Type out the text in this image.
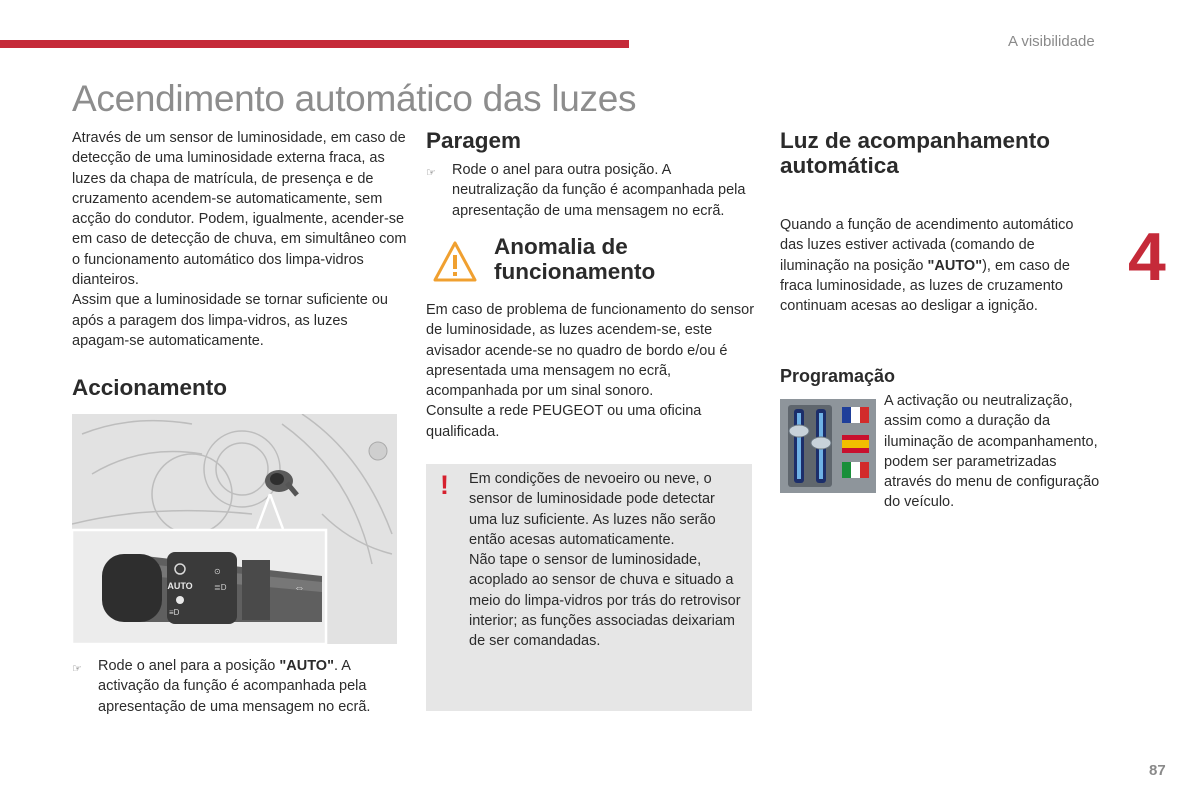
A visibilidade
Acendimento automático das luzes

Através de um sensor de luminosidade, em caso de detecção de uma luminosidade externa fraca, as luzes da chapa de matrícula, de presença e de cruzamento acendem-se automaticamente, sem acção do condutor. Podem, igualmente, acender-se em caso de detecção de chuva, em simultâneo com o funcionamento automático dos limpa-vidros dianteiros.

Assim que a luminosidade se tornar suficiente ou após a paragem dos limpa-vidros, as luzes apagam-se automaticamente.

Accionamento
AUTO
≡D
⊙
≣D	⇔
☞ Rode o anel para a posição "AUTO". A activação da função é acompanhada pela apresentação de uma mensagem no ecrã.
Paragem
☞ Rode o anel para outra posição. A neutralização da função é acompanhada pela apresentação de uma mensagem no ecrã.
Anomalia de
funcionamento
Em caso de problema de funcionamento do sensor de luminosidade, as luzes acendem-se, este avisador acende-se no quadro de bordo e/ou é apresentada uma mensagem no ecrã, acompanhada por um sinal sonoro.
Consulte a rede PEUGEOT ou uma oficina qualificada.
! Em condições de nevoeiro ou neve, o sensor de luminosidade pode detectar uma luz suficiente. As luzes não serão então acesas automaticamente.
Não tape o sensor de luminosidade, acoplado ao sensor de chuva e situado a meio do limpa-vidros por trás do retrovisor interior; as funções associadas deixariam de ser comandadas.
Luz de acompanhamento
automática
Quando a função de acendimento automático das luzes estiver activada (comando de iluminação na posição "AUTO"), em caso de fraca luminosidade, as luzes de cruzamento continuam acesas ao desligar a ignição.
4
Programação
A activação ou neutralização, assim como a duração da iluminação de acompanhamento, podem ser parametrizadas através do menu de configuração do veículo.
87
